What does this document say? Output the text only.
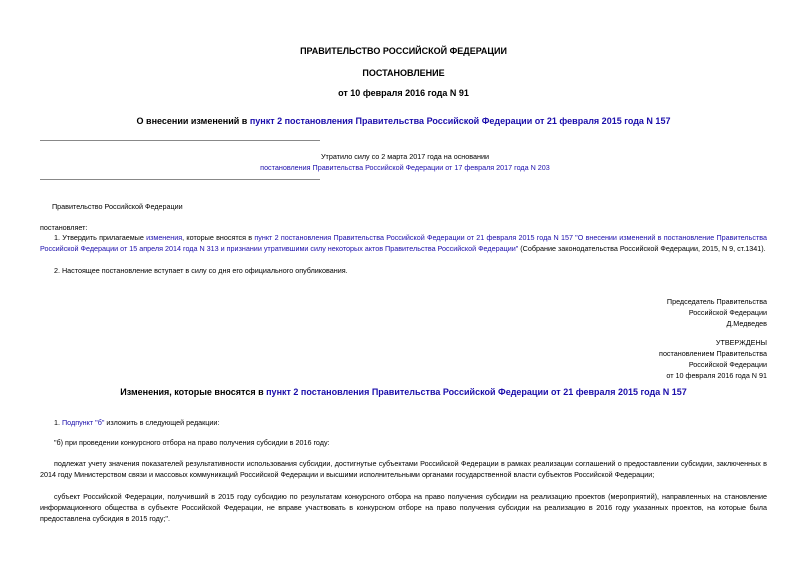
ПРАВИТЕЛЬСТВО РОССИЙСКОЙ ФЕДЕРАЦИИ
ПОСТАНОВЛЕНИЕ
от 10 февраля 2016 года N 91
О внесении изменений в пункт 2 постановления Правительства Российской Федерации от 21 февраля 2015 года N 157
Утратило силу со 2 марта 2017 года на основании
постановления Правительства Российской Федерации от 17 февраля 2017 года N 203
Правительство Российской Федерации
постановляет:
1. Утвердить прилагаемые изменения, которые вносятся в пункт 2 постановления Правительства Российской Федерации от 21 февраля 2015 года N 157 "О внесении изменений в постановление Правительства Российской Федерации от 15 апреля 2014 года N 313 и признании утратившими силу некоторых актов Правительства Российской Федерации" (Собрание законодательства Российской Федерации, 2015, N 9, ст.1341).
2. Настоящее постановление вступает в силу со дня его официального опубликования.
Председатель Правительства
Российской Федерации
Д.Медведев
УТВЕРЖДЕНЫ
постановлением Правительства
Российской Федерации
от 10 февраля 2016 года N 91
Изменения, которые вносятся в пункт 2 постановления Правительства Российской Федерации от 21 февраля 2015 года N 157
1. Подпункт "б" изложить в следующей редакции:
"б) при проведении конкурсного отбора на право получения субсидии в 2016 году:
подлежат учету значения показателей результативности использования субсидии, достигнутые субъектами Российской Федерации в рамках реализации соглашений о предоставлении субсидии, заключенных в 2014 году Министерством связи и массовых коммуникаций Российской Федерации и высшими исполнительными органами государственной власти субъектов Российской Федерации;
субъект Российской Федерации, получивший в 2015 году субсидию по результатам конкурсного отбора на право получения субсидии на реализацию проектов (мероприятий), направленных на становление информационного общества в субъекте Российской Федерации, не вправе участвовать в конкурсном отборе на право получения субсидии на реализацию в 2016 году указанных проектов, на которые была предоставлена субсидия в 2015 году;".
